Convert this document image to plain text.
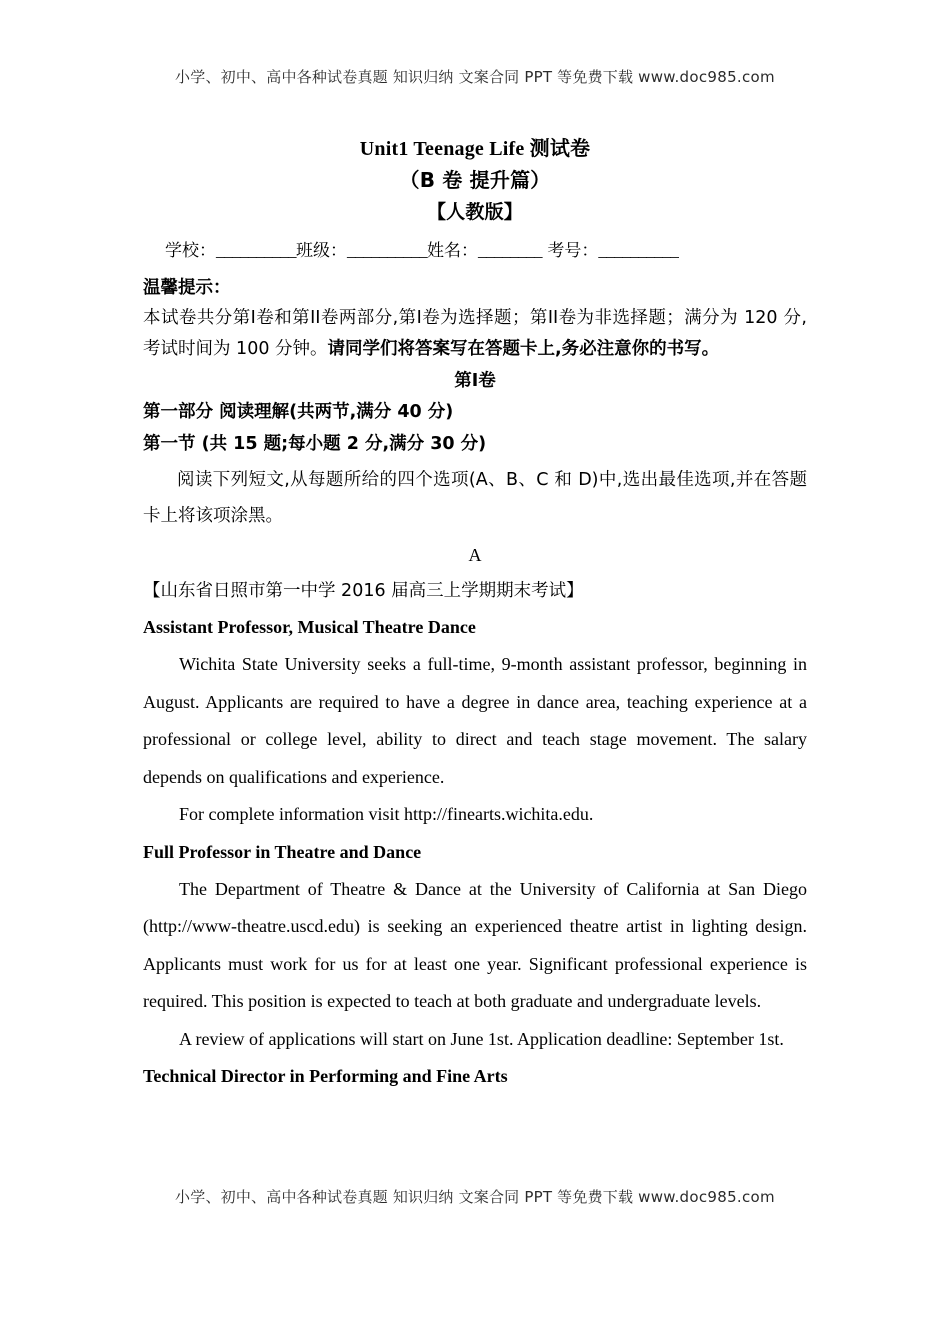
小学、初中、高中各种试卷真题 知识归纳 文案合同 PPT 等免费下载 www.doc985.com
Unit1 Teenage Life 测试卷
（B 卷 提升篇）
【人教版】
学校：__________班级：__________姓名：________ 考号：__________
温馨提示：
本试卷共分第I卷和第II卷两部分,第I卷为选择题；第II卷为非选择题；满分为 120 分,考试时间为 100 分钟。请同学们将答案写在答题卡上,务必注意你的书写。
第I卷
第一部分 阅读理解(共两节,满分 40 分)
第一节 (共 15 题;每小题 2 分,满分 30 分)
阅读下列短文,从每题所给的四个选项(A、B、C 和 D)中,选出最佳选项,并在答题卡上将该项涂黑。
A
【山东省日照市第一中学 2016 届高三上学期期末考试】
Assistant Professor, Musical Theatre Dance
Wichita State University seeks a full-time, 9-month assistant professor, beginning in August. Applicants are required to have a degree in dance area, teaching experience at a professional or college level, ability to direct and teach stage movement. The salary depends on qualifications and experience.
For complete information visit http://finearts.wichita.edu.
Full Professor in Theatre and Dance
The Department of Theatre & Dance at the University of California at San Diego (http://www-theatre.uscd.edu) is seeking an experienced theatre artist in lighting design. Applicants must work for us for at least one year. Significant professional experience is required. This position is expected to teach at both graduate and undergraduate levels.
A review of applications will start on June 1st. Application deadline: September 1st.
Technical Director in Performing and Fine Arts
小学、初中、高中各种试卷真题 知识归纳 文案合同 PPT 等免费下载 www.doc985.com
